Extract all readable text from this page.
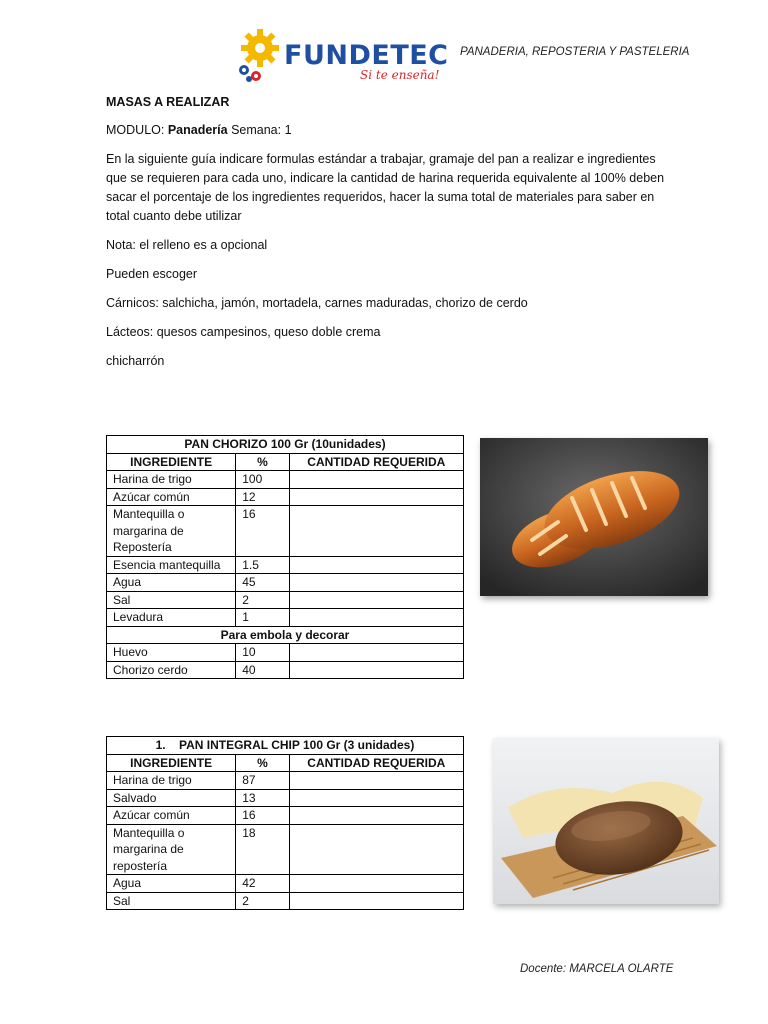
FUNDETEC
Si te enseña!
PANADERIA, REPOSTERIA Y PASTELERIA
MASAS A REALIZAR
MODULO: Panadería Semana: 1
En la siguiente guía indicare formulas estándar a trabajar, gramaje del pan a realizar e ingredientes que se requieren para cada uno, indicare la cantidad de harina requerida equivalente al 100% deben sacar el porcentaje de los ingredientes requeridos, hacer la suma total de materiales para saber en total cuanto debe utilizar
Nota: el relleno es a opcional
Pueden escoger
Cárnicos: salchicha, jamón, mortadela, carnes maduradas, chorizo de cerdo
Lácteos: quesos campesinos, queso doble crema
chicharrón
PAN CHORIZO 100 Gr (10unidades)		
INGREDIENTE	%	CANTIDAD REQUERIDA
Harina de trigo	100	
Azúcar común	12	
Mantequilla o margarina de Repostería	16	
Esencia mantequilla	1.5	
Agua	45	
Sal	2	
Levadura	1	
Para embola y decorar		
Huevo	10	
Chorizo cerdo	40	
1.    PAN INTEGRAL CHIP 100 Gr (3 unidades)		
INGREDIENTE	%	CANTIDAD REQUERIDA
Harina de trigo	87	
Salvado	13	
Azúcar común	16	
Mantequilla o margarina de repostería	18	
Agua	42	
Sal	2	
Docente: MARCELA OLARTE
